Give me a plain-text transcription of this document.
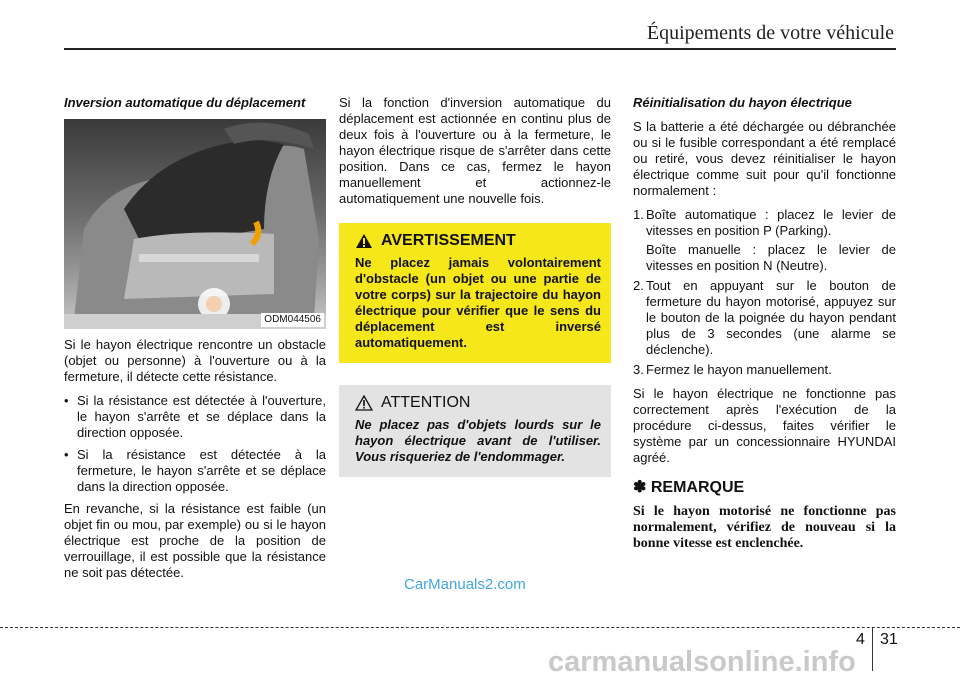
Équipements de votre véhicule
Inversion automatique du déplacement
ODM044506
Si le hayon électrique rencontre un obstacle (objet ou personne) à l'ouverture ou à la fermeture, il détecte cette résistance.
• Si la résistance est détectée à l'ouverture, le hayon s'arrête et se déplace dans la direction opposée.
• Si la résistance est détectée à la fermeture, le hayon s'arrête et se déplace dans la direction opposée.
En revanche, si la résistance est faible (un objet fin ou mou, par exemple) ou si le hayon électrique est proche de la position de verrouillage, il est possible que la résistance ne soit pas détectée.
Si la fonction d'inversion automatique du déplacement est actionnée en continu plus de deux fois à l'ouverture ou à la fermeture, le hayon électrique risque de s'arrêter dans cette position. Dans ce cas, fermez le hayon manuellement et actionnez-le automatiquement une nouvelle fois.
AVERTISSEMENT
Ne placez jamais volontairement d'obstacle (un objet ou une partie de votre corps) sur la trajectoire du hayon électrique pour vérifier que le sens du déplacement est inversé automatiquement.
ATTENTION
Ne placez pas d'objets lourds sur le hayon électrique avant de l'utiliser. Vous risqueriez de l'endommager.
Réinitialisation du hayon électrique
S la batterie a été déchargée ou débranchée ou si le fusible correspondant a été remplacé ou retiré, vous devez réinitialiser le hayon électrique comme suit pour qu'il fonctionne normalement :
1. Boîte automatique : placez le levier de vitesses en position P (Parking).
Boîte manuelle : placez le levier de vitesses en position N (Neutre).
2. Tout en appuyant sur le bouton de fermeture du hayon motorisé, appuyez sur le bouton de la poignée du hayon pendant plus de 3 secondes (une alarme se déclenche).
3. Fermez le hayon manuellement.
Si le hayon électrique ne fonctionne pas correctement après l'exécution de la procédure ci-dessus, faites vérifier le système par un concessionnaire HYUNDAI agréé.
✽ REMARQUE
Si le hayon motorisé ne fonctionne pas normalement, vérifiez de nouveau si la bonne vitesse est enclenchée.
CarManuals2.com
4 31
carmanualsonline.info
